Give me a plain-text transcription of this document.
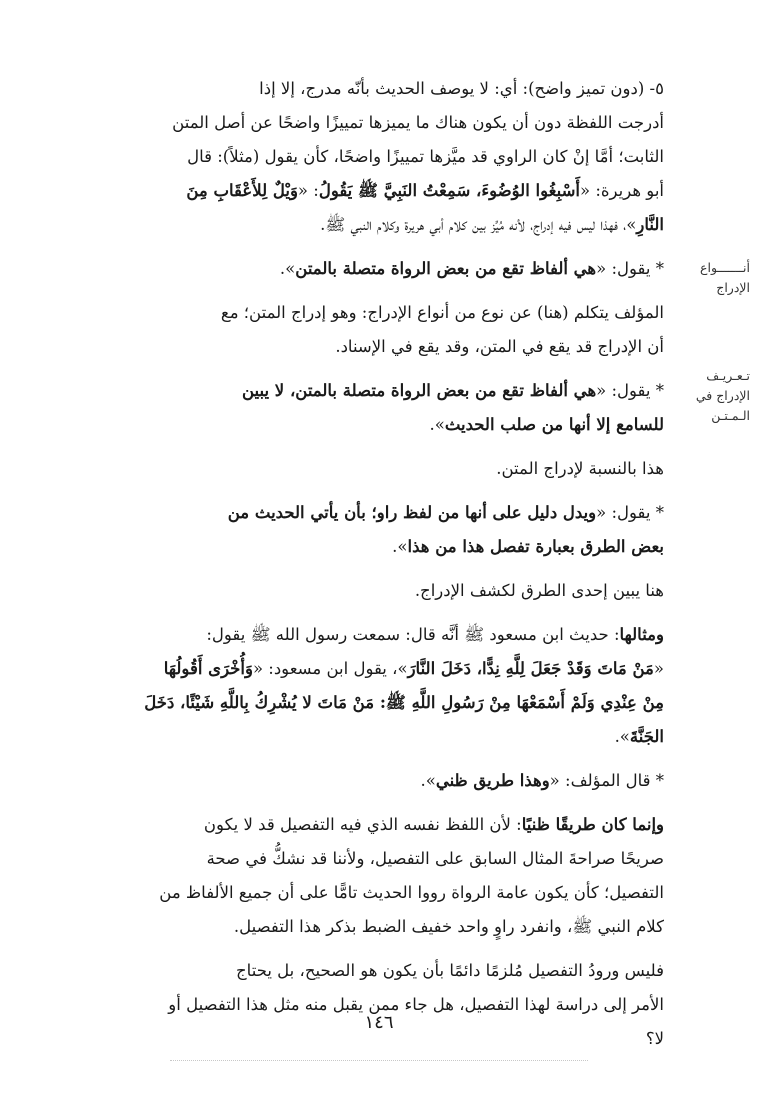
أنـــــــواع الإدراج
تـعـريـف الإدراج في الـمـتـن

٥- (دون تميز واضح): أي: لا يوصف الحديث بأنّه مدرج، إلا إذا
أدرجت اللفظة دون أن يكون هناك ما يميزها تمييزًا واضحًا عن أصل المتن
الثابت؛ أمَّا إنْ كان الراوي قد ميَّزها تمييزًا واضحًا، كأن يقول (مثلاً): قال
أبو هريرة: «أَسْبِغُوا الوُضُوءَ، سَمِعْتُ النَبِيَّ ﷺ يَقُولُ: «وَيْلٌ لِلأَعْقَابِ مِنَ
النَّارِ»، فهذا ليس فيه إدراج، لأنه مُيِّز بين كلام أبي هريرة وكلام النبي ﷺ.

* يقول: «هي ألفاظ تقع من بعض الرواة متصلة بالمتن».

المؤلف يتكلم (هنا) عن نوع من أنواع الإدراج: وهو إدراج المتن؛ مع
أن الإدراج قد يقع في المتن، وقد يقع في الإسناد.

* يقول: «هي ألفاظ تقع من بعض الرواة متصلة بالمتن، لا يبين
للسامع إلا أنها من صلب الحديث».

هذا بالنسبة لإدراج المتن.

* يقول: «ويدل دليل على أنها من لفظ راو؛ بأن يأتي الحديث من
بعض الطرق بعبارة تفصل هذا من هذا».

هنا يبين إحدى الطرق لكشف الإدراج.

ومثالها: حديث ابن مسعود ﷺ أنَّه قال: سمعت رسول الله ﷺ يقول:
«مَنْ مَاتَ وَقَدْ جَعَلَ لِلَّهِ نِدًّا، دَخَلَ النَّارَ»، يقول ابن مسعود: «وَأُخْرَى أَقُولُهَا
مِنْ عِنْدِي وَلَمْ أَسْمَعْهَا مِنْ رَسُولِ اللَّهِ ﷺ: مَنْ مَاتَ لا يُشْرِكُ بِاللَّهِ شَيْئًا، دَخَلَ
الجَنَّةَ».

* قال المؤلف: «وهذا طريق ظني».

وإنما كان طريقًا ظنيًا: لأن اللفظ نفسه الذي فيه التفصيل قد لا يكون
صريحًا صراحةَ المثال السابق على التفصيل، ولأننا قد نشكُّ في صحة
التفصيل؛ كأن يكون عامة الرواة رووا الحديث تامًّا على أن جميع الألفاظ من
كلام النبي ﷺ، وانفرد راوٍ واحد خفيف الضبط بذكر هذا التفصيل.

فليس ورودُ التفصيل مُلزمًا دائمًا بأن يكون هو الصحيح، بل يحتاج
الأمر إلى دراسة لهذا التفصيل، هل جاء ممن يقبل منه مثل هذا التفصيل أو
لا؟

١٤٦
